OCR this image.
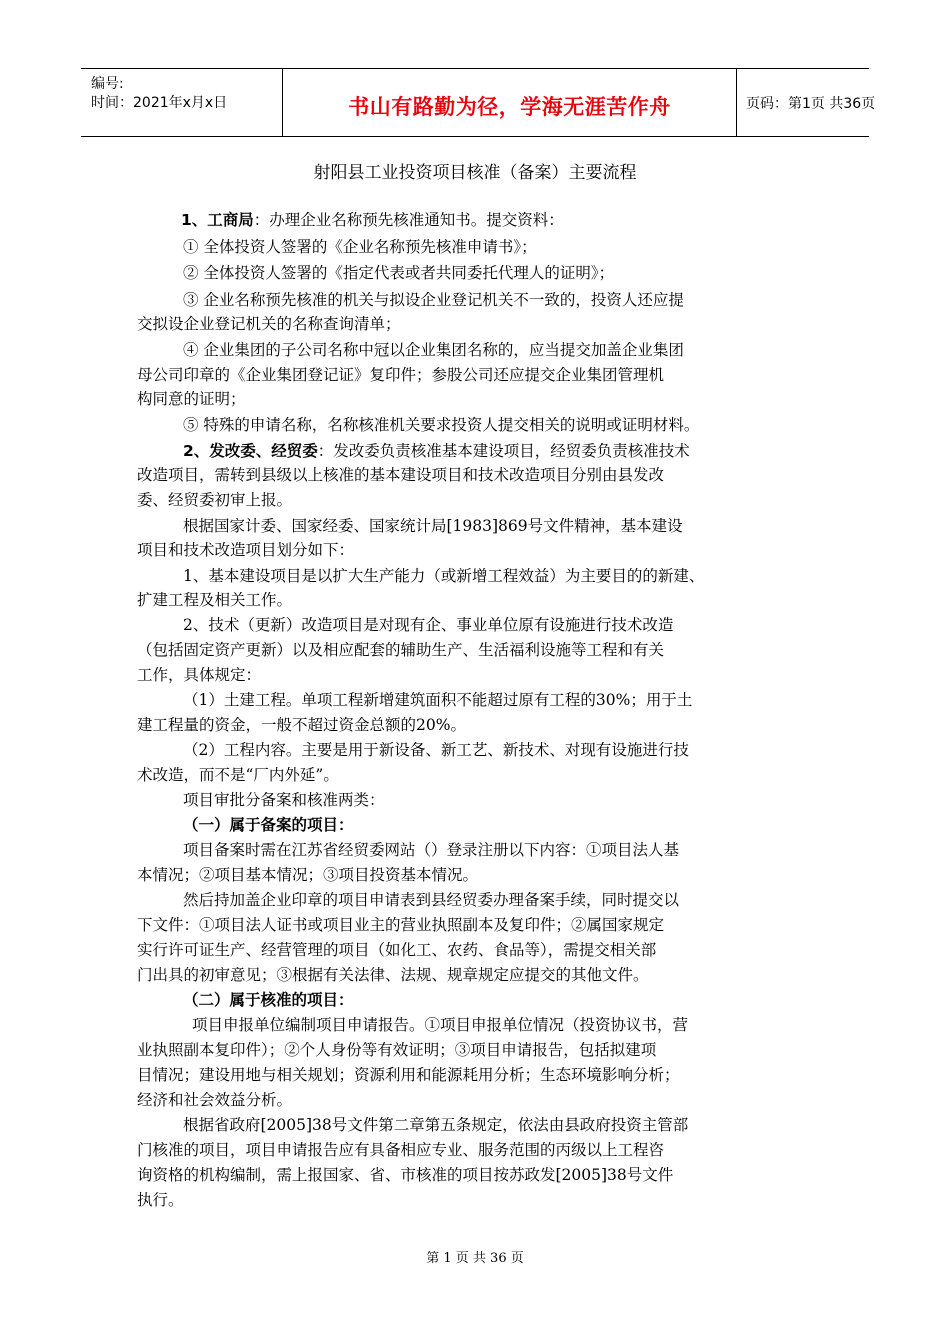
编号:
时间：2021年x月x日	书山有路勤为径，学海无涯苦作舟	页码：第1页 共36页
射阳县工业投资项目核准（备案）主要流程
1、工商局：办理企业名称预先核准通知书。提交资料：
① 全体投资人签署的《企业名称预先核准申请书》；
② 全体投资人签署的《指定代表或者共同委托代理人的证明》；
③ 企业名称预先核准的机关与拟设企业登记机关不一致的，投资人还应提
交拟设企业登记机关的名称查询清单；
④ 企业集团的子公司名称中冠以企业集团名称的，应当提交加盖企业集团
母公司印章的《企业集团登记证》复印件；参股公司还应提交企业集团管理机
构同意的证明；
⑤ 特殊的申请名称，名称核准机关要求投资人提交相关的说明或证明材料。
2、发改委、经贸委：发改委负责核准基本建设项目，经贸委负责核准技术
改造项目，需转到县级以上核准的基本建设项目和技术改造项目分别由县发改
委、经贸委初审上报。
根据国家计委、国家经委、国家统计局[1983]869号文件精神，基本建设
项目和技术改造项目划分如下：
1、基本建设项目是以扩大生产能力（或新增工程效益）为主要目的的新建、
扩建工程及相关工作。
2、技术（更新）改造项目是对现有企、事业单位原有设施进行技术改造
（包括固定资产更新）以及相应配套的辅助生产、生活福利设施等工程和有关
工作，具体规定：
（1）土建工程。单项工程新增建筑面积不能超过原有工程的30%；用于土
建工程量的资金，一般不超过资金总额的20%。
（2）工程内容。主要是用于新设备、新工艺、新技术、对现有设施进行技
术改造，而不是“厂内外延”。
项目审批分备案和核准两类：
（一）属于备案的项目：
项目备案时需在江苏省经贸委网站（）登录注册以下内容：①项目法人基
本情况；②项目基本情况；③项目投资基本情况。
然后持加盖企业印章的项目申请表到县经贸委办理备案手续，同时提交以
下文件：①项目法人证书或项目业主的营业执照副本及复印件；②属国家规定
实行许可证生产、经营管理的项目（如化工、农药、食品等），需提交相关部
门出具的初审意见；③根据有关法律、法规、规章规定应提交的其他文件。
（二）属于核准的项目：
项目申报单位编制项目申请报告。①项目申报单位情况（投资协议书，营
业执照副本复印件）；②个人身份等有效证明；③项目申请报告，包括拟建项
目情况；建设用地与相关规划；资源利用和能源耗用分析；生态环境影响分析；
经济和社会效益分析。
根据省政府[2005]38号文件第二章第五条规定，依法由县政府投资主管部
门核准的项目，项目申请报告应有具备相应专业、服务范围的丙级以上工程咨
询资格的机构编制，需上报国家、省、市核准的项目按苏政发[2005]38号文件
执行。
第 1 页 共 36 页
